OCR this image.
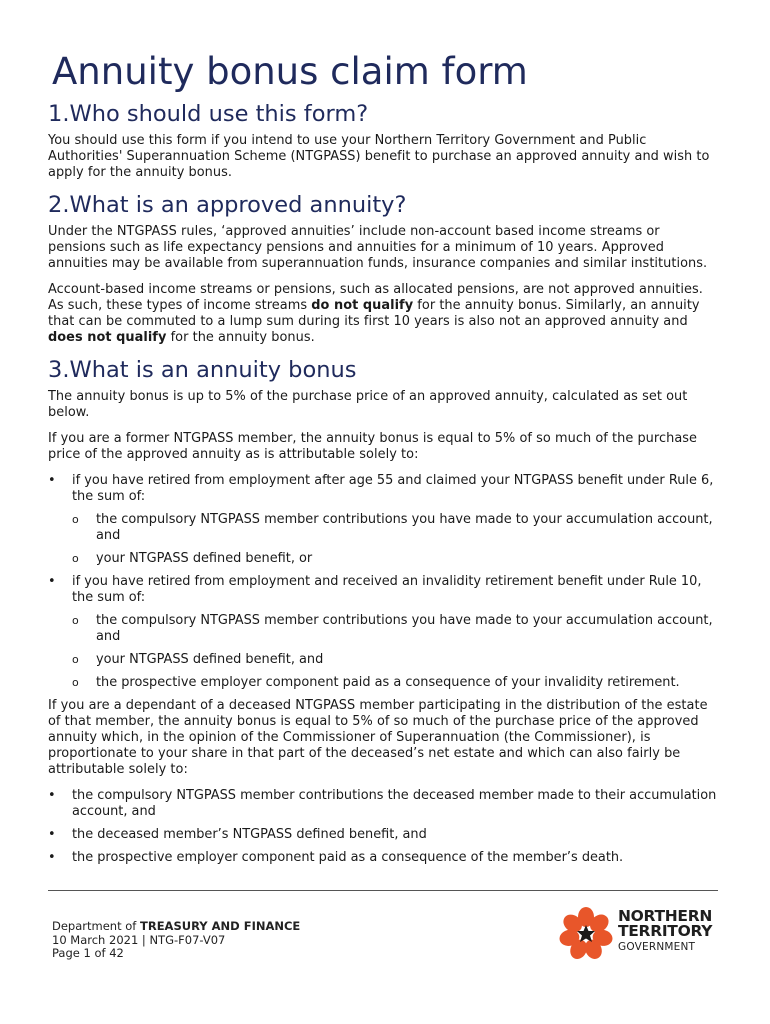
Annuity bonus claim form
1.Who should use this form?

You should use this form if you intend to use your Northern Territory Government and Public Authorities' Superannuation Scheme (NTGPASS) benefit to purchase an approved annuity and wish to apply for the annuity bonus.

2.What is an approved annuity?

Under the NTGPASS rules, ‘approved annuities’ include non-account based income streams or pensions such as life expectancy pensions and annuities for a minimum of 10 years. Approved annuities may be available from superannuation funds, insurance companies and similar institutions.

Account-based income streams or pensions, such as allocated pensions, are not approved annuities. As such, these types of income streams do not qualify for the annuity bonus. Similarly, an annuity that can be commuted to a lump sum during its first 10 years is also not an approved annuity and does not qualify for the annuity bonus.

3.What is an annuity bonus

The annuity bonus is up to 5% of the purchase price of an approved annuity, calculated as set out below.

If you are a former NTGPASS member, the annuity bonus is equal to 5% of so much of the purchase price of the approved annuity as is attributable solely to:

• if you have retired from employment after age 55 and claimed your NTGPASS benefit under Rule 6, the sum of:
o the compulsory NTGPASS member contributions you have made to your accumulation account, and
o your NTGPASS defined benefit, or
• if you have retired from employment and received an invalidity retirement benefit under Rule 10, the sum of:
o the compulsory NTGPASS member contributions you have made to your accumulation account, and
o your NTGPASS defined benefit, and
o the prospective employer component paid as a consequence of your invalidity retirement.

If you are a dependant of a deceased NTGPASS member participating in the distribution of the estate of that member, the annuity bonus is equal to 5% of so much of the purchase price of the approved annuity which, in the opinion of the Commissioner of Superannuation (the Commissioner), is proportionate to your share in that part of the deceased’s net estate and which can also fairly be attributable solely to:

• the compulsory NTGPASS member contributions the deceased member made to their accumulation account, and
• the deceased member’s NTGPASS defined benefit, and
• the prospective employer component paid as a consequence of the member’s death.
Department of TREASURY AND FINANCE
10 March 2021 | NTG-F07-V07
Page 1 of 42
NORTHERN
TERRITORY
GOVERNMENT
